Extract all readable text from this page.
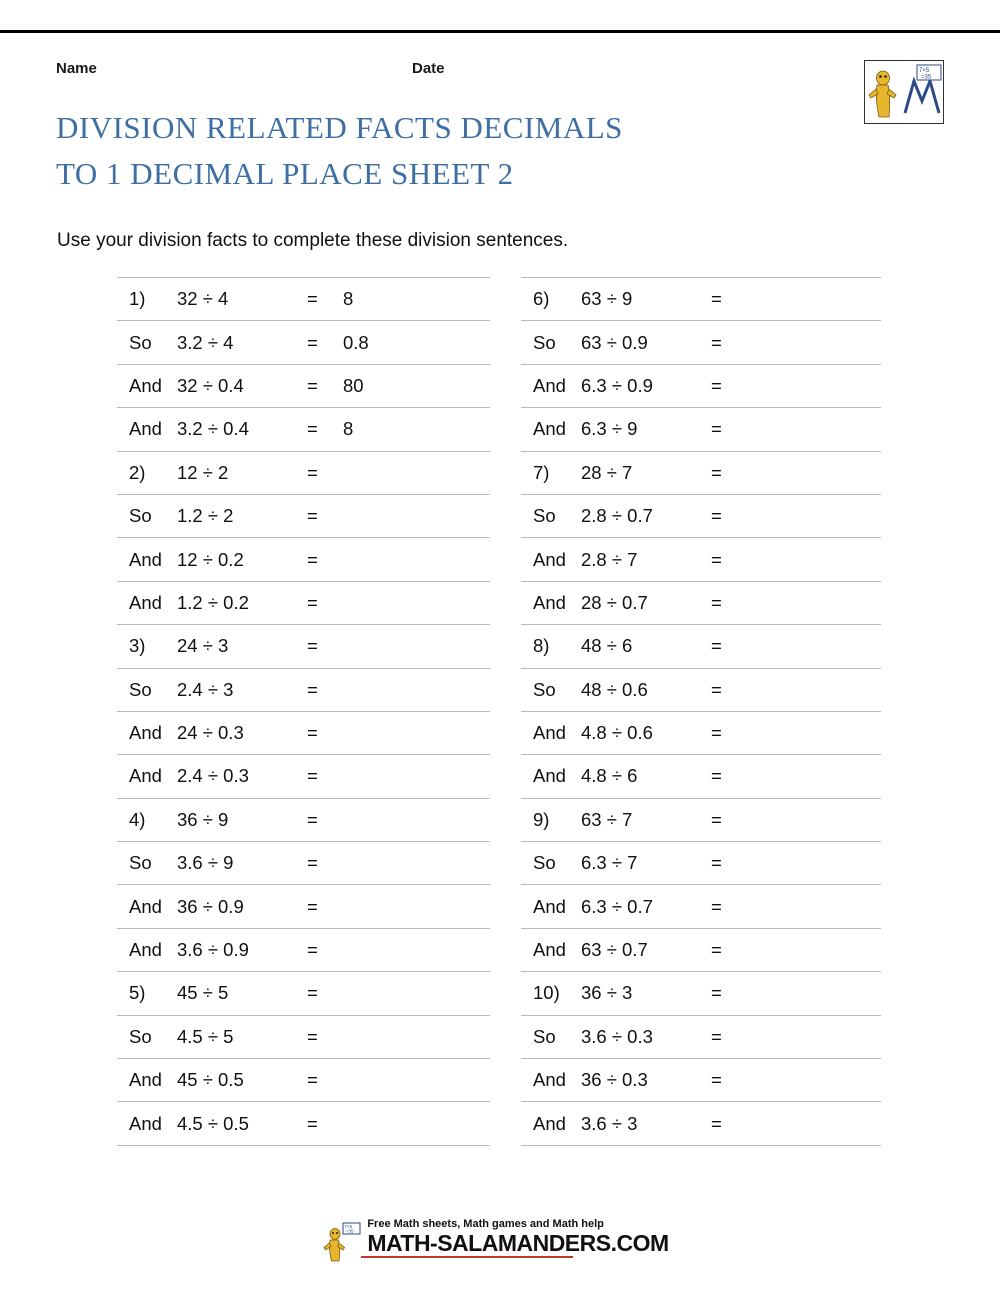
Name	Date	7×5
=35
DIVISION RELATED FACTS DECIMALS
TO 1 DECIMAL PLACE SHEET 2
Use your division facts to complete these division sentences.
1)	32 ÷ 4	=	8
So	3.2 ÷ 4	=	0.8
And 32 ÷ 0.4	=	80
And 3.2 ÷ 0.4	=	8
2)	12 ÷ 2	=
So	1.2 ÷ 2	=
And 12 ÷ 0.2	=
And 1.2 ÷ 0.2	=
3)	24 ÷ 3	=
So	2.4 ÷ 3	=
And 24 ÷ 0.3	=
And 2.4 ÷ 0.3	=
4)	36 ÷ 9	=
So	3.6 ÷ 9	=
And 36 ÷ 0.9	=
And 3.6 ÷ 0.9	=
5)	45 ÷ 5	=
So	4.5 ÷ 5	=
And 45 ÷ 0.5	=
And 4.5 ÷ 0.5	=
6)	63 ÷ 9	=
So	63 ÷ 0.9	=
And 6.3 ÷ 0.9	=
And 6.3 ÷ 9	=
7)	28 ÷ 7	=
So	2.8 ÷ 0.7	=
And 2.8 ÷ 7	=
And 28 ÷ 0.7	=
8)	48 ÷ 6	=
So	48 ÷ 0.6	=
And 4.8 ÷ 0.6	=
And 4.8 ÷ 6	=
9)	63 ÷ 7	=
So	6.3 ÷ 7	=
And 6.3 ÷ 0.7	=
And 63 ÷ 0.7	=
10)	36 ÷ 3	=
So	3.6 ÷ 0.3	=
And 36 ÷ 0.3	=
And 3.6 ÷ 3	=
7×5
=35
Free Math sheets, Math games and Math help
MATH-SALAMANDERS.COM
